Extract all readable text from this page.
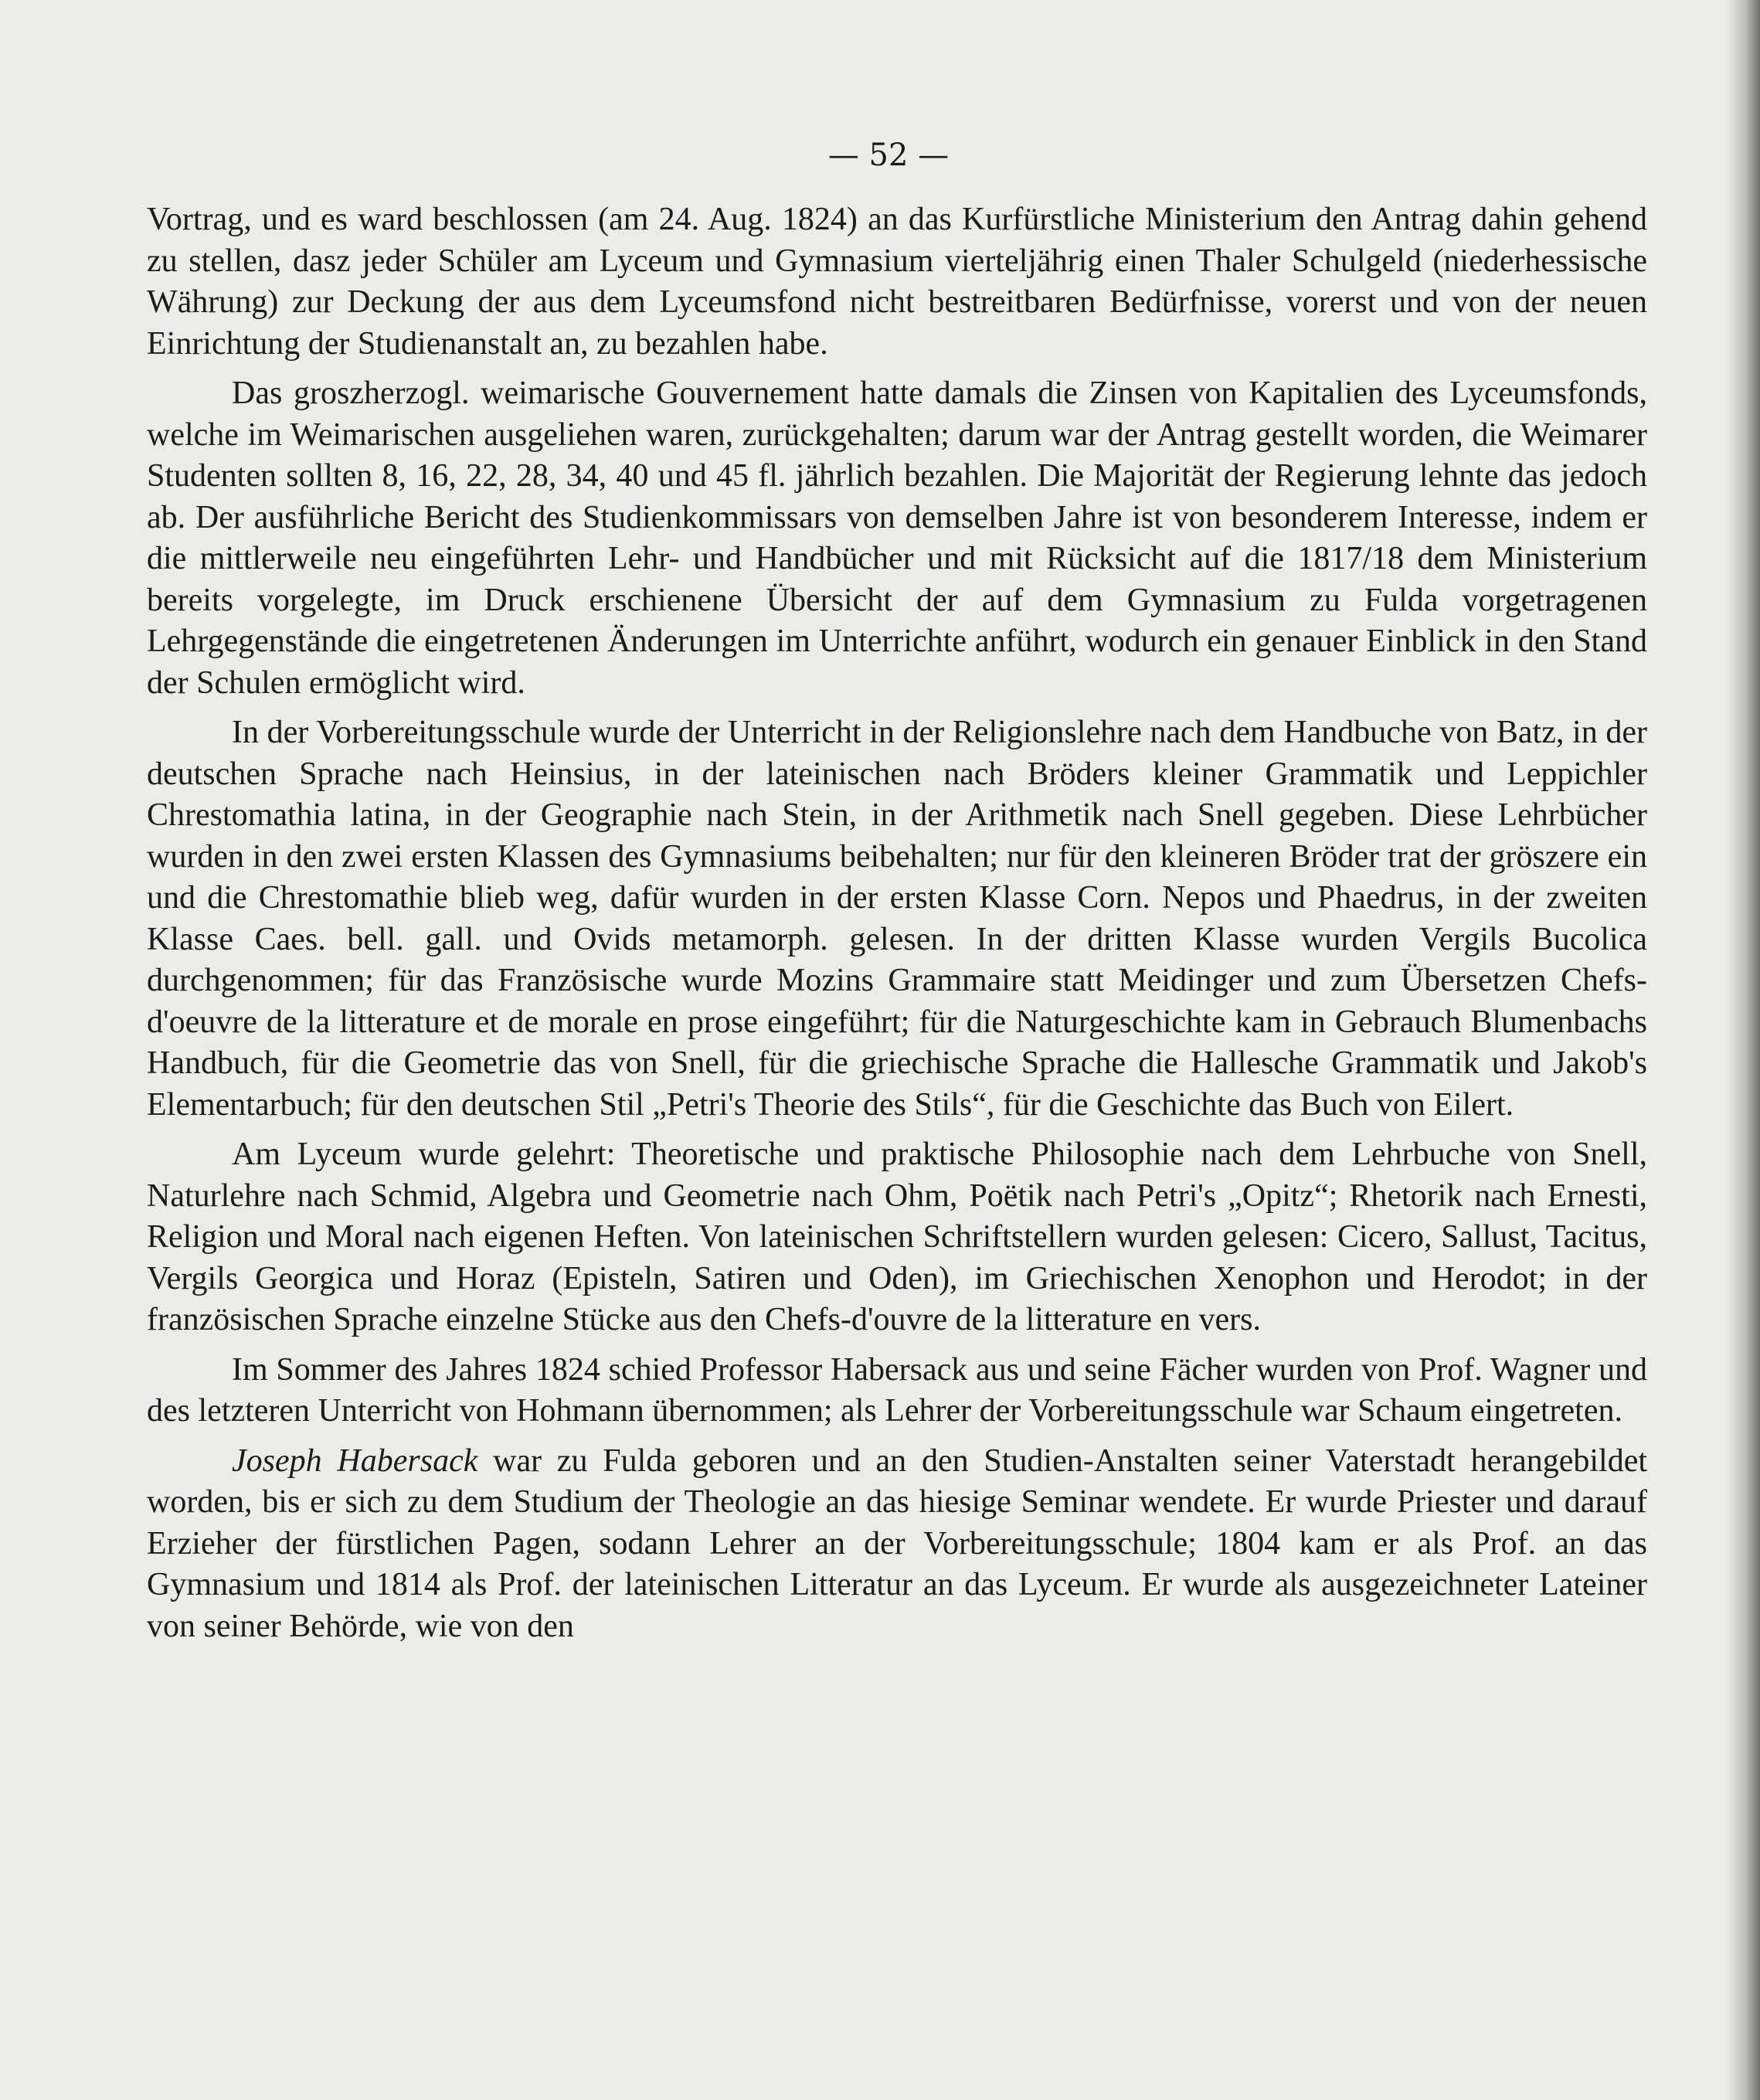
— 52 —

Vortrag, und es ward beschlossen (am 24. Aug. 1824) an das Kurfürstliche Ministerium den Antrag dahin gehend zu stellen, dasz jeder Schüler am Lyceum und Gymnasium vierteljährig einen Thaler Schulgeld (niederhessische Währung) zur Deckung der aus dem Lyceumsfond nicht bestreitbaren Bedürfnisse, vorerst und von der neuen Einrichtung der Studienanstalt an, zu bezahlen habe.

Das groszherzogl. weimarische Gouvernement hatte damals die Zinsen von Kapitalien des Lyceumsfonds, welche im Weimarischen ausgeliehen waren, zurückgehalten; darum war der Antrag gestellt worden, die Weimarer Studenten sollten 8, 16, 22, 28, 34, 40 und 45 fl. jährlich bezahlen. Die Majorität der Regierung lehnte das jedoch ab. Der ausführliche Bericht des Studienkommissars von demselben Jahre ist von besonderem Interesse, indem er die mittlerweile neu eingeführten Lehr- und Handbücher und mit Rücksicht auf die 1817/18 dem Ministerium bereits vorgelegte, im Druck erschienene Übersicht der auf dem Gymnasium zu Fulda vorgetragenen Lehrgegenstände die eingetretenen Änderungen im Unterrichte anführt, wodurch ein genauer Einblick in den Stand der Schulen ermöglicht wird.

In der Vorbereitungsschule wurde der Unterricht in der Religionslehre nach dem Handbuche von Batz, in der deutschen Sprache nach Heinsius, in der lateinischen nach Bröders kleiner Grammatik und Leppichler Chrestomathia latina, in der Geographie nach Stein, in der Arithmetik nach Snell gegeben. Diese Lehrbücher wurden in den zwei ersten Klassen des Gymnasiums beibehalten; nur für den kleineren Bröder trat der gröszere ein und die Chrestomathie blieb weg, dafür wurden in der ersten Klasse Corn. Nepos und Phaedrus, in der zweiten Klasse Caes. bell. gall. und Ovids metamorph. gelesen. In der dritten Klasse wurden Vergils Bucolica durchgenommen; für das Französische wurde Mozins Grammaire statt Meidinger und zum Übersetzen Chefs-d'oeuvre de la litterature et de morale en prose eingeführt; für die Naturgeschichte kam in Gebrauch Blumenbachs Handbuch, für die Geometrie das von Snell, für die griechische Sprache die Hallesche Grammatik und Jakob's Elementarbuch; für den deutschen Stil „Petri's Theorie des Stils“, für die Geschichte das Buch von Eilert.

Am Lyceum wurde gelehrt: Theoretische und praktische Philosophie nach dem Lehrbuche von Snell, Naturlehre nach Schmid, Algebra und Geometrie nach Ohm, Poëtik nach Petri's „Opitz“; Rhetorik nach Ernesti, Religion und Moral nach eigenen Heften. Von lateinischen Schriftstellern wurden gelesen: Cicero, Sallust, Tacitus, Vergils Georgica und Horaz (Episteln, Satiren und Oden), im Griechischen Xenophon und Herodot; in der französischen Sprache einzelne Stücke aus den Chefs-d'ouvre de la litterature en vers.

Im Sommer des Jahres 1824 schied Professor Habersack aus und seine Fächer wurden von Prof. Wagner und des letzteren Unterricht von Hohmann übernommen; als Lehrer der Vorbereitungsschule war Schaum eingetreten.

Joseph Habersack war zu Fulda geboren und an den Studien-Anstalten seiner Vaterstadt herangebildet worden, bis er sich zu dem Studium der Theologie an das hiesige Seminar wendete. Er wurde Priester und darauf Erzieher der fürstlichen Pagen, sodann Lehrer an der Vorbereitungsschule; 1804 kam er als Prof. an das Gymnasium und 1814 als Prof. der lateinischen Litteratur an das Lyceum. Er wurde als ausgezeichneter Lateiner von seiner Behörde, wie von den
